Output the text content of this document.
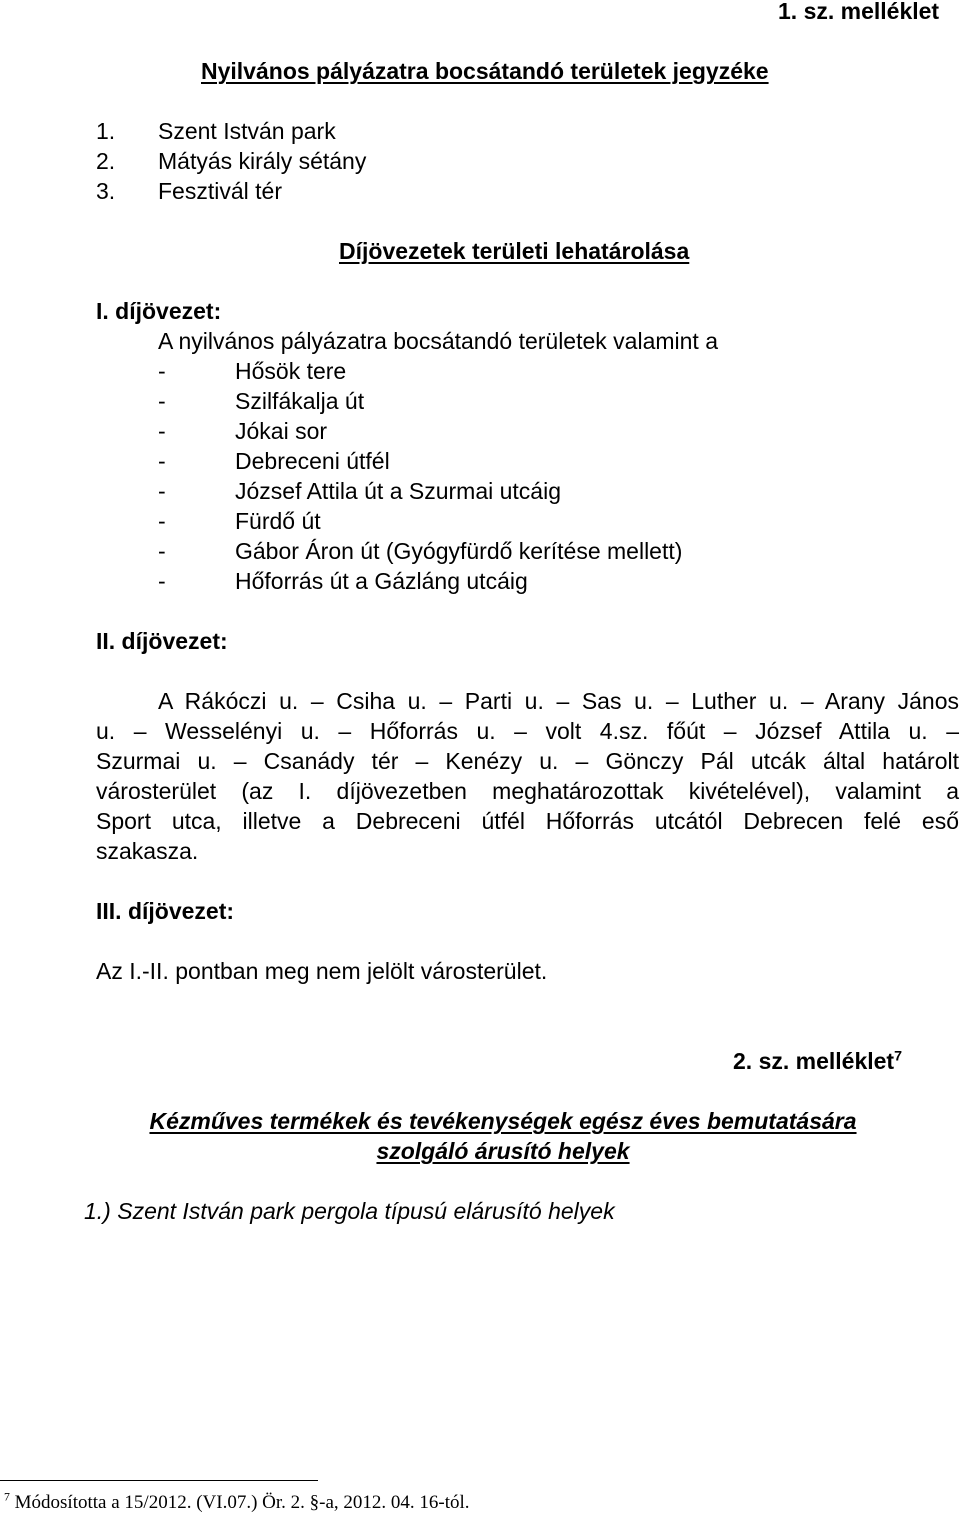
1. sz. melléklet
Nyilvános pályázatra bocsátandó területek jegyzéke
1. Szent István park
2. Mátyás király sétány
3. Fesztivál tér
Díjövezetek területi lehatárolása
I. díjövezet:
A nyilvános pályázatra bocsátandó területek valamint a
-	Hősök tere
-	Szilfákalja út
-	Jókai sor
-	Debreceni útfél
-	József Attila út a Szurmai utcáig
-	Fürdő út
-	Gábor Áron út (Gyógyfürdő kerítése mellett)
-	Hőforrás út a Gázláng utcáig
II. díjövezet:
A Rákóczi u. – Csiha u. – Parti u. – Sas u. – Luther u. – Arany János
u. – Wesselényi u. – Hőforrás u. – volt 4.sz. főút – József Attila u. –
Szurmai u. – Csanády tér – Kenézy u. – Gönczy Pál utcák által határolt
városterület (az I. díjövezetben meghatározottak kivételével), valamint a
Sport utca, illetve a Debreceni útfél Hőforrás utcától Debrecen felé eső
szakasza.
III. díjövezet:
Az I.-II. pontban meg nem jelölt városterület.
2. sz. melléklet$^7$
Kézműves termékek és tevékenységek egész éves bemutatására
szolgáló árusító helyek
1.) Szent István park pergola típusú elárusító helyek
$^7$ Módosította a 15/2012. (VI.07.) Ör. 2. §-a, 2012. 04. 16-tól.
